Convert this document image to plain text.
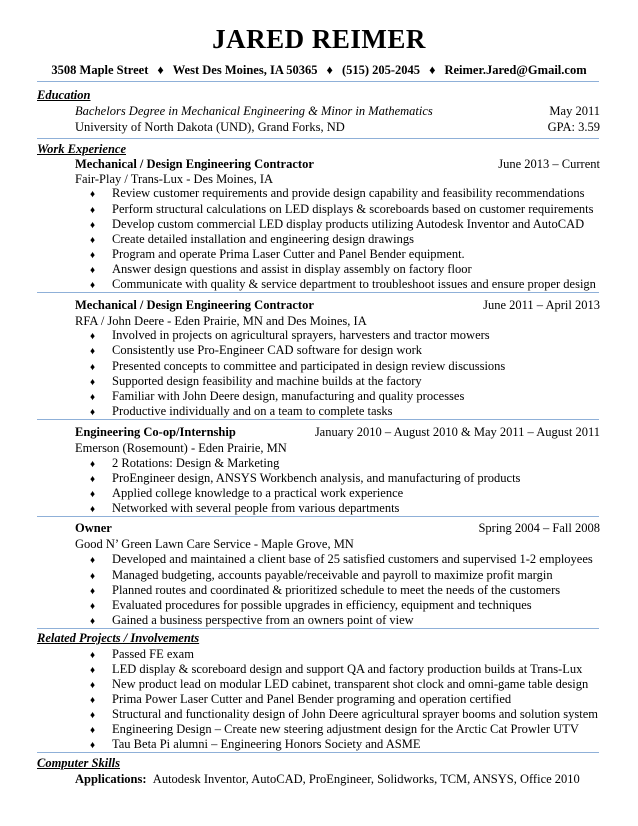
JARED REIMER
3508 Maple Street ♦ West Des Moines, IA 50365 ♦ (515) 205-2045 ♦ Reimer.Jared@Gmail.com
Education
Bachelors Degree in Mechanical Engineering & Minor in Mathematics	May 2011
University of North Dakota (UND), Grand Forks, ND	GPA: 3.59
Work Experience
Mechanical / Design Engineering Contractor	June 2013 – Current
Fair-Play / Trans-Lux - Des Moines, IA
♦ Review customer requirements and provide design capability and feasibility recommendations
♦ Perform structural calculations on LED displays & scoreboards based on customer requirements
♦ Develop custom commercial LED display products utilizing Autodesk Inventor and AutoCAD
♦ Create detailed installation and engineering design drawings
♦ Program and operate Prima Laser Cutter and Panel Bender equipment.
♦ Answer design questions and assist in display assembly on factory floor
♦ Communicate with quality & service department to troubleshoot issues and ensure proper design
Mechanical / Design Engineering Contractor	June 2011 – April 2013
RFA / John Deere - Eden Prairie, MN and Des Moines, IA
♦ Involved in projects on agricultural sprayers, harvesters and tractor mowers
♦ Consistently use Pro-Engineer CAD software for design work
♦ Presented concepts to committee and participated in design review discussions
♦ Supported design feasibility and machine builds at the factory
♦ Familiar with John Deere design, manufacturing and quality processes
♦ Productive individually and on a team to complete tasks
Engineering Co-op/Internship	January 2010 – August 2010 & May 2011 – August 2011
Emerson (Rosemount) - Eden Prairie, MN
♦ 2 Rotations: Design & Marketing
♦ ProEngineer design, ANSYS Workbench analysis, and manufacturing of products
♦ Applied college knowledge to a practical work experience
♦ Networked with several people from various departments
Owner	Spring 2004 – Fall 2008
Good N’ Green Lawn Care Service - Maple Grove, MN
♦ Developed and maintained a client base of 25 satisfied customers and supervised 1-2 employees
♦ Managed budgeting, accounts payable/receivable and payroll to maximize profit margin
♦ Planned routes and coordinated & prioritized schedule to meet the needs of the customers
♦ Evaluated procedures for possible upgrades in efficiency, equipment and techniques
♦ Gained a business perspective from an owners point of view
Related Projects / Involvements
♦ Passed FE exam
♦ LED display & scoreboard design and support QA and factory production builds at Trans-Lux
♦ New product lead on modular LED cabinet, transparent shot clock and omni-game table design
♦ Prima Power Laser Cutter and Panel Bender programing and operation certified
♦ Structural and functionality design of John Deere agricultural sprayer booms and solution system
♦ Engineering Design – Create new steering adjustment design for the Arctic Cat Prowler UTV
♦ Tau Beta Pi alumni – Engineering Honors Society and ASME
Computer Skills
Applications: Autodesk Inventor, AutoCAD, ProEngineer, Solidworks, TCM, ANSYS, Office 2010
